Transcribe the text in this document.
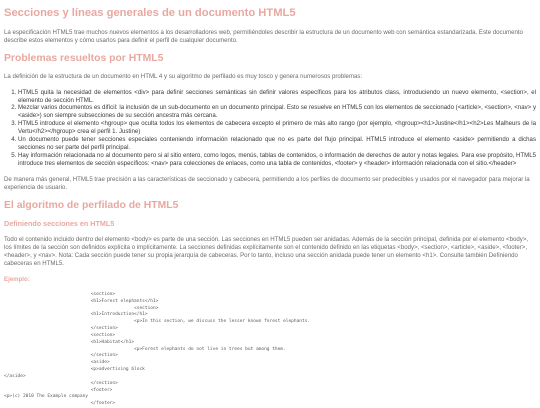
Secciones y líneas generales de un documento HTML5

La especificación HTML5 trae muchos nuevos elementos a los desarrolladores web, permitiéndoles describir la estructura de un documento web con semántica estandarizada. Este documento describe estos elementos y cómo usarlos para definir el perfil de cualquier documento.

Problemas resueltos por HTML5

La definición de la estructura de un documento en HTML 4 y su algoritmo de perfilado es muy tosco y genera numerosos problemas:

1. HTML5 quita la necesidad de elementos <div> para definir secciones semánticas sin definir valores específicos para los atributos class, introduciendo un nuevo elemento, <section>, el elemento de sección HTML.
2. Mezclar varios documentos es difícil: la inclusión de un sub-documento en un documento principal. Esto se resuelve en HTML5 con los elementos de seccionado (<article>, <section>, <nav> y <aside>) son siempre subsecciones de su sección ancestra más cercana.
3. HTML5 introduce el elemento <hgroup> que oculta todos los elementos de cabecera excepto el primero de más alto rango (por ejemplo, <hgroup><h1>Justine</h1><h2>Les Malheurs de la Vertu</h2></hgroup> crea el perfil 1. Justine)
4. Un documento puede tener secciones especiales conteniendo información relacionado que no es parte del flujo principal. HTML5 introduce el elemento <aside> permitiendo a dichas secciones no ser parte del perfil principal.
5. Hay información relacionada no al documento pero si al sitio entero, como logos, menús, tablas de contenidos, o información de derechos de autor y notas legales. Para ese propósito, HTML5 introduce tres elementos de sección específicos: <nav> para colecciones de enlaces, como una tabla de contenidos, <footer> y <header> información relacionada con el sitio.</header>

De manera más general, HTML5 trae precisión a las características de seccionado y cabecera, permitiendo a los perfiles de documento ser predecibles y usados por el navegador para mejorar la experiencia de usuario.

El algoritmo de perfilado de HTML5
Definiendo secciones en HTML5

Todo el contenido incluido dentro del elemento <body> es parte de una sección. Las secciones en HTML5 pueden ser anidadas. Además de la sección principal, definida por el elemento <body>, los límites de la sección son definidos explícita o implícitamente. La secciones definidas explícitamente son el contenido definido en las etiquetas <body>, <section>, <article>, <aside>, <footer>, <header>, y <nav>. Nota: Cada sección puede tener su propia jerarquía de cabeceras. Por lo tanto, incluso una sección anidada puede tener un elemento <h1>. Consulte también Definiendo cabeceras en HTML5.

Ejemplo:
<section>
<h1>Forest elephants</h1>
<section>
<h1>Introduction</h1>
<p>In this section, we discuss the lesser known forest elephants.
</section>
<section>
<h1>Habitat</h1>
<p>Forest elephants do not live in trees but among them.
</section>
<aside>
<p>advertising block
</aside>
</section>
<footer>
<p>(c) 2010 The Example company
</footer>
